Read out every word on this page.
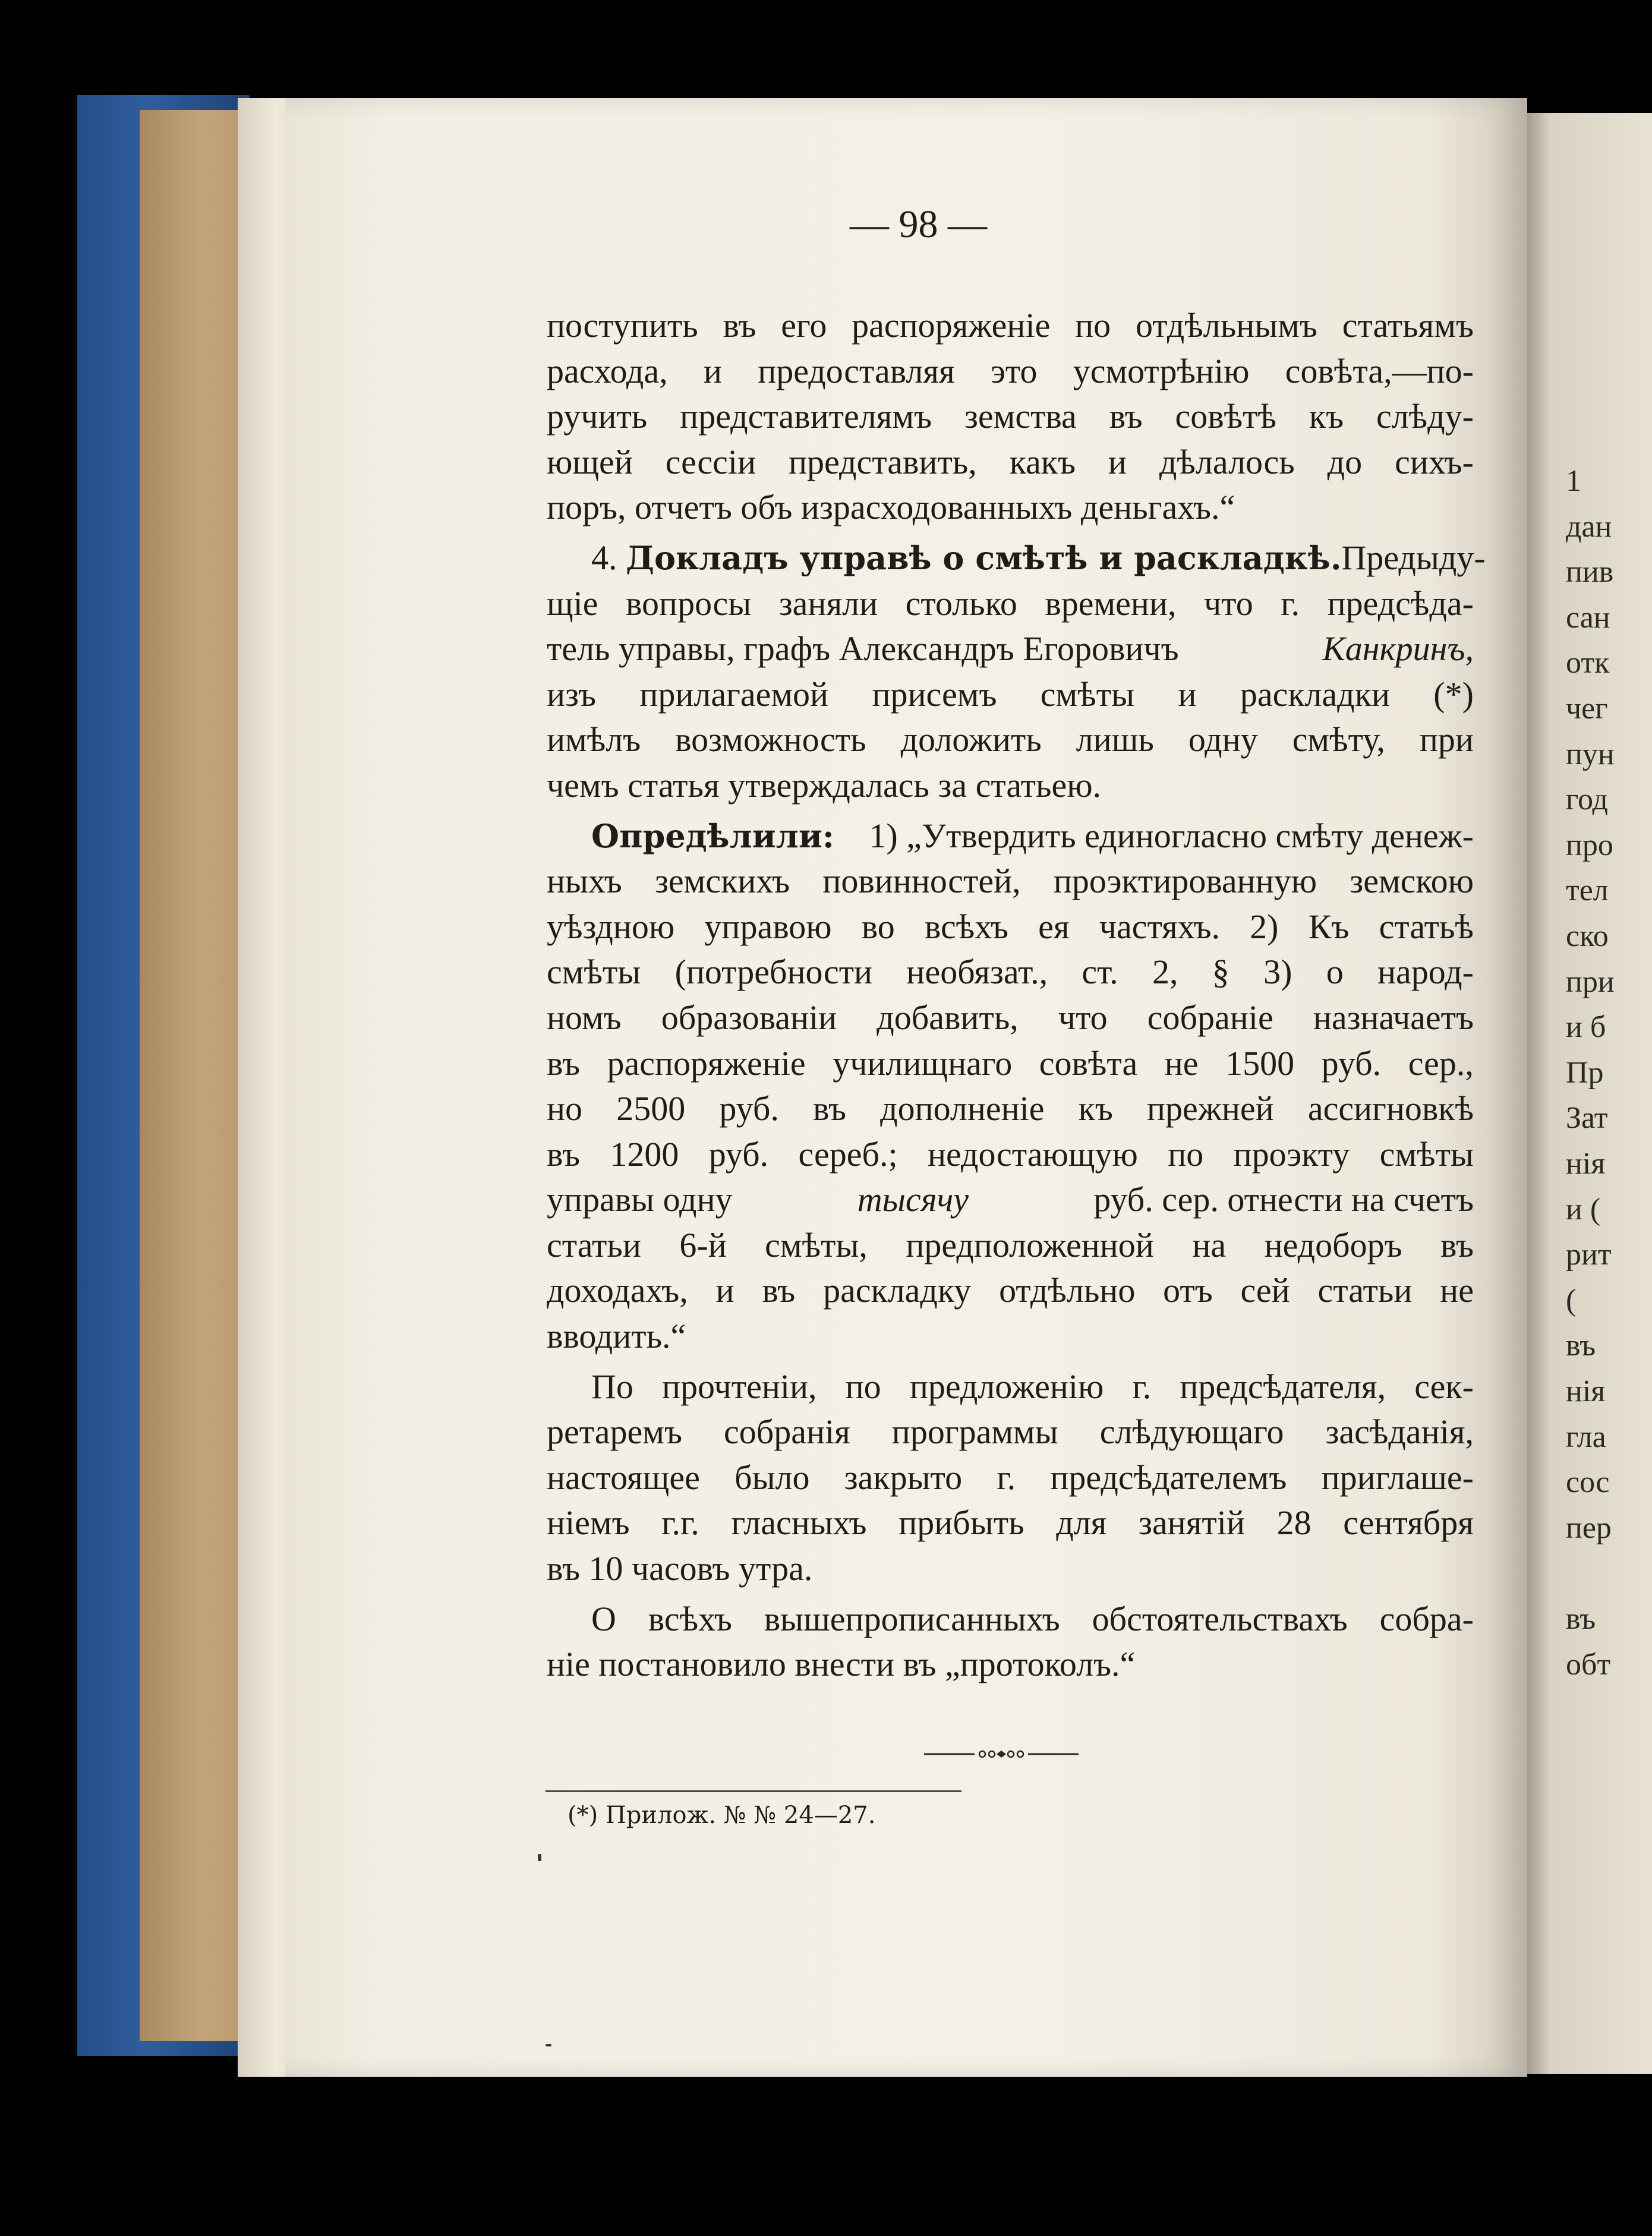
1
дан
пив
сан
отк
чег
пун
год
про
тел
ско
при
и б
Пр
Зат
нія
и (
рит
(
въ
нія
гла
сос
пер
въ
обт
— 98 —
поступить въ его распоряженіе по отдѣльнымъ статьямъ
расхода, и предоставляя это усмотрѣнію совѣта,—по-
ручить представителямъ земства въ совѣтѣ къ слѣду-
ющей сессіи представить, какъ и дѣлалось до сихъ-
поръ, отчетъ объ израсходованныхъ деньгахъ.“
4. Докладъ управѣ о смѣтѣ и раскладкѣ. Предыду-
щіе вопросы заняли столько времени, что г. предсѣда-
тель управы, графъ Александръ Егоровичъ	Канкринъ,
изъ прилагаемой присемъ смѣты и раскладки (*)
имѣлъ возможность доложить лишь одну смѣту, при
чемъ статья утверждалась за статьею.
Опредѣлили: 1) „Утвердить единогласно смѣту денеж-
ныхъ земскихъ повинностей, проэктированную земскою
уѣздною управою во всѣхъ ея частяхъ. 2) Къ статьѣ
смѣты (потребности необязат., ст. 2, § 3) о народ-
номъ образованіи добавить, что собраніе назначаетъ
въ распоряженіе училищнаго совѣта не 1500 руб. сер.,
но 2500 руб. въ дополненіе къ прежней ассигновкѣ
въ 1200 руб. сереб.; недостающую по проэкту смѣты
управы одну	тысячу	руб. сер. отнести на счетъ
статьи 6-й смѣты, предположенной на недоборъ въ
доходахъ, и въ раскладку отдѣльно отъ сей статьи не
вводить.“
По прочтеніи, по предложенію г. предсѣдателя, сек-
ретаремъ собранія программы слѣдующаго засѣданія,
настоящее было закрыто г. предсѣдателемъ приглаше-
ніемъ г.г. гласныхъ прибыть для занятій 28 сентября
въ 10 часовъ утра.
О всѣхъ вышепрописанныхъ обстоятельствахъ собра-
ніе постановило внести въ „протоколъ.“
(*) Прилож. № № 24—27.
